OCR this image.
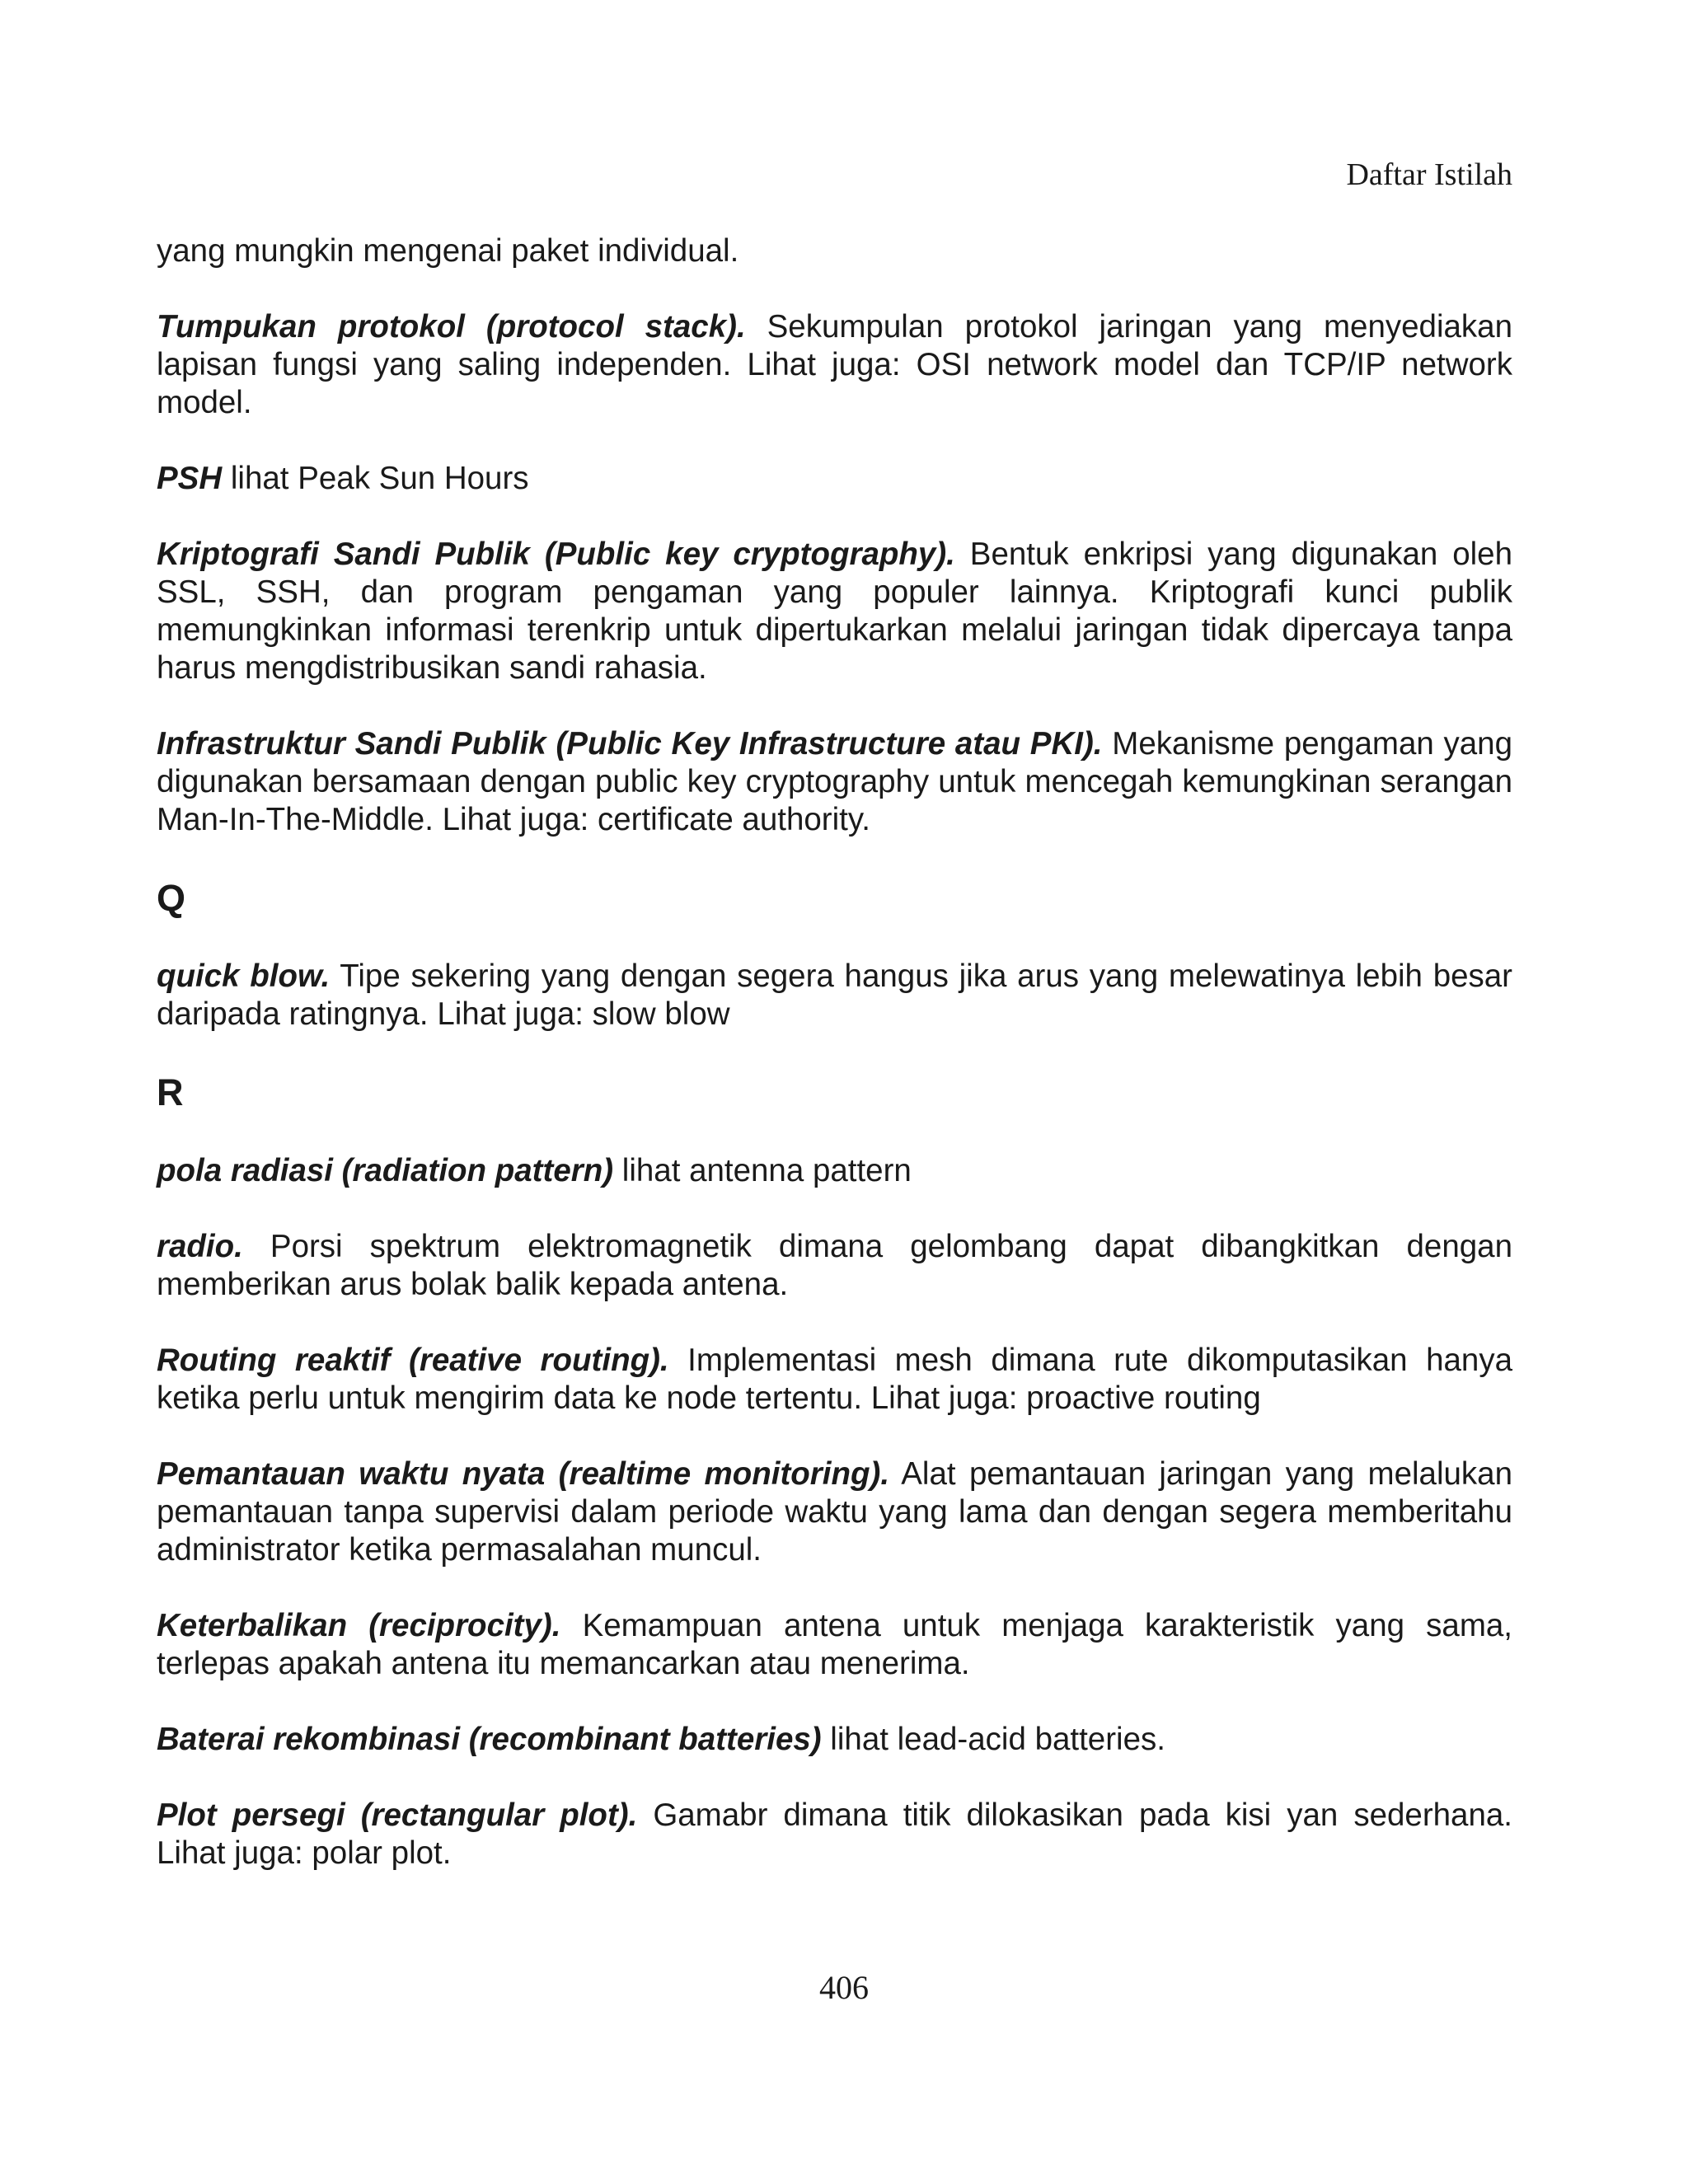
Daftar Istilah

yang mungkin mengenai paket individual.

Tumpukan protokol (protocol stack). Sekumpulan protokol jaringan yang menyediakan lapisan fungsi yang saling independen. Lihat juga: OSI network model dan TCP/IP network model.

PSH lihat Peak Sun Hours

Kriptografi Sandi Publik (Public key cryptography). Bentuk enkripsi yang digunakan oleh SSL, SSH, dan program pengaman yang populer lainnya. Kriptografi kunci publik memungkinkan informasi terenkrip untuk dipertukarkan melalui jaringan tidak dipercaya tanpa harus mengdistribusikan sandi rahasia.

Infrastruktur Sandi Publik (Public Key Infrastructure atau PKI). Mekanisme pengaman yang digunakan bersamaan dengan public key cryptography untuk mencegah kemungkinan serangan Man-In-The-Middle. Lihat juga: certificate authority.

Q

quick blow. Tipe sekering yang dengan segera hangus jika arus yang melewatinya lebih besar daripada ratingnya. Lihat juga: slow blow

R

pola radiasi (radiation pattern) lihat antenna pattern

radio. Porsi spektrum elektromagnetik dimana gelombang dapat dibangkitkan dengan memberikan arus bolak balik kepada antena.

Routing reaktif (reative routing). Implementasi mesh dimana rute dikomputasikan hanya ketika perlu untuk mengirim data ke node tertentu. Lihat juga: proactive routing

Pemantauan waktu nyata (realtime monitoring). Alat pemantauan jaringan yang melalukan pemantauan tanpa supervisi dalam periode waktu yang lama dan dengan segera memberitahu administrator ketika permasalahan muncul.

Keterbalikan (reciprocity). Kemampuan antena untuk menjaga karakteristik yang sama, terlepas apakah antena itu memancarkan atau menerima.

Baterai rekombinasi (recombinant batteries) lihat lead-acid batteries.

Plot persegi (rectangular plot). Gamabr dimana titik dilokasikan pada kisi yan sederhana. Lihat juga: polar plot.

406
